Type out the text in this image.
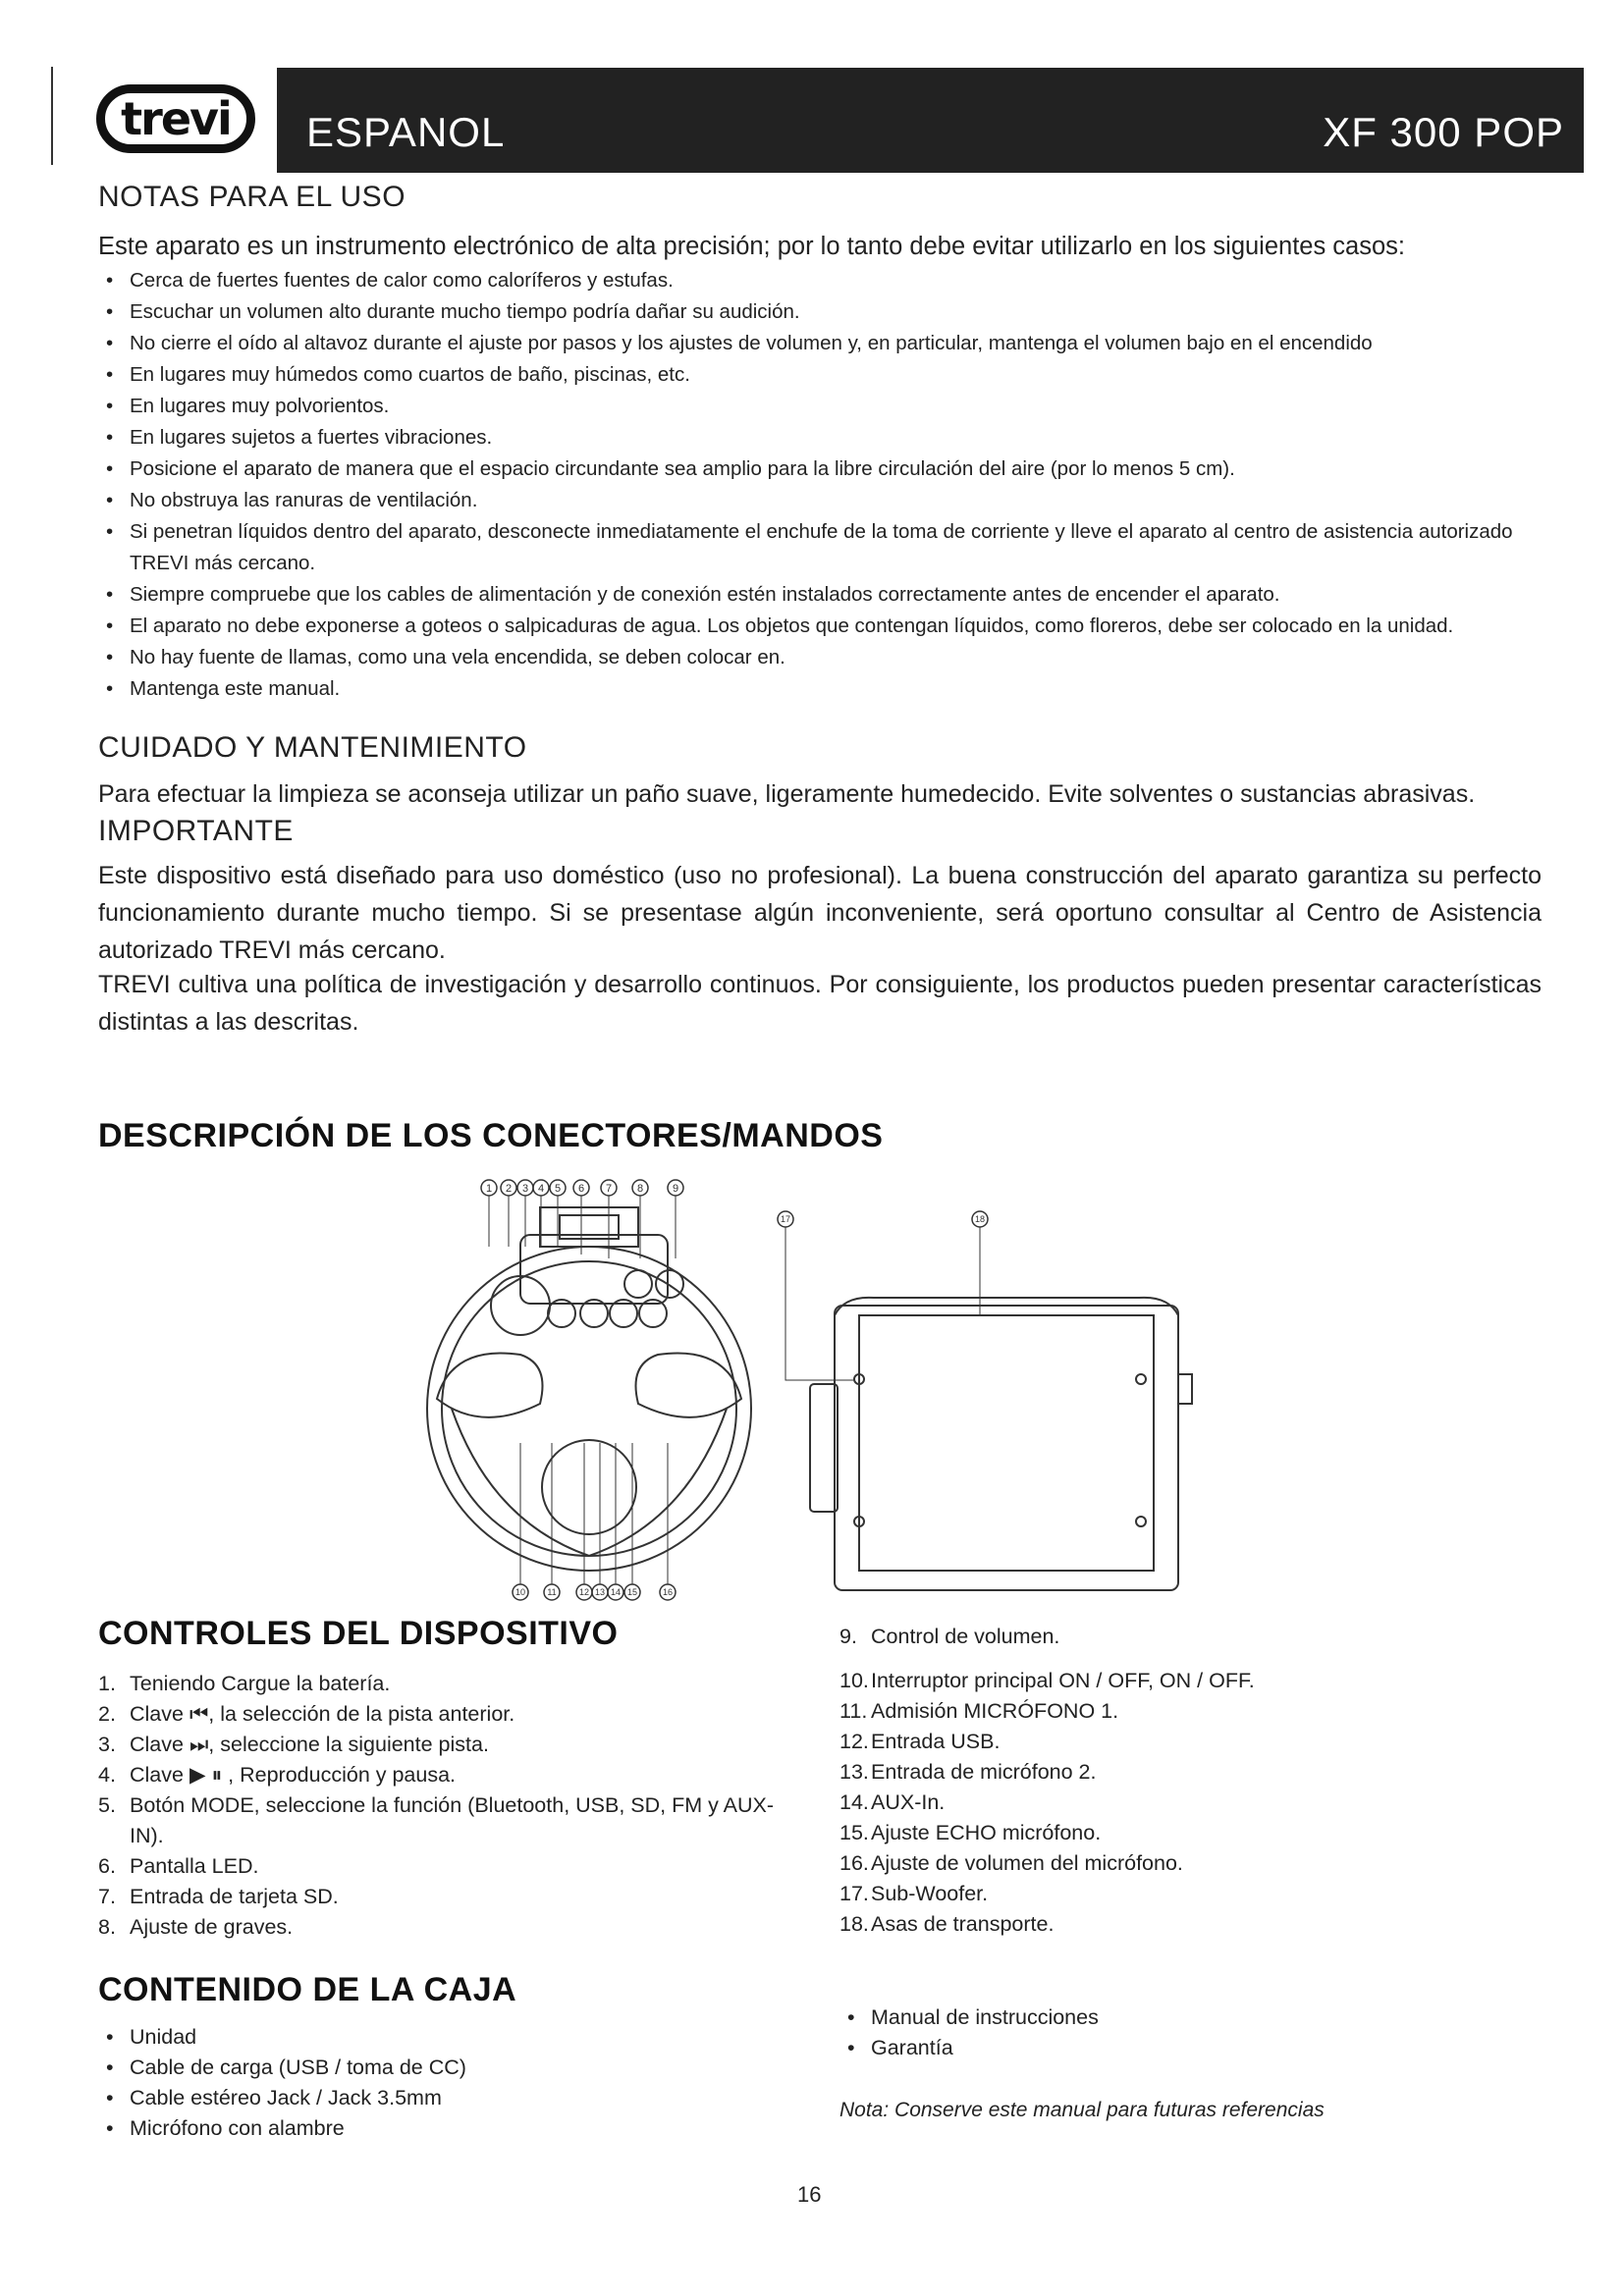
trevi ESPANOL	XF 300 POP
NOTAS PARA EL USO
Este aparato es un instrumento electrónico de alta precisión; por lo tanto debe evitar utilizarlo en los siguientes casos:
• Cerca de fuertes fuentes de calor como caloríferos y estufas.
• Escuchar un volumen alto durante mucho tiempo podría dañar su audición.
• No cierre el oído al altavoz durante el ajuste por pasos y los ajustes de volumen y, en particular, mantenga el volumen bajo en el encendido
• En lugares muy húmedos como cuartos de baño, piscinas, etc.
• En lugares muy polvorientos.
• En lugares sujetos a fuertes vibraciones.
• Posicione el aparato de manera que el espacio circundante sea amplio para la libre circulación del aire (por lo menos 5 cm).
• No obstruya las ranuras de ventilación.
• Si penetran líquidos dentro del aparato, desconecte inmediatamente el enchufe de la toma de corriente y lleve el aparato al centro de asistencia autorizado TREVI más cercano.
• Siempre compruebe que los cables de alimentación y de conexión estén instalados correctamente antes de encender el aparato.
• El aparato no debe exponerse a goteos o salpicaduras de agua. Los objetos que contengan líquidos, como floreros, debe ser colocado en la unidad.
• No hay fuente de llamas, como una vela encendida, se deben colocar en.
• Mantenga este manual.
CUIDADO Y MANTENIMIENTO
Para efectuar la limpieza se aconseja utilizar un paño suave, ligeramente humedecido. Evite solventes o sustancias abrasivas.
IMPORTANTE
Este dispositivo está diseñado para uso doméstico (uso no profesional). La buena construcción del aparato garantiza su perfecto funcionamiento durante mucho tiempo. Si se presentase algún inconveniente, será oportuno consultar al Centro de Asistencia autorizado TREVI más cercano.
TREVI cultiva una política de investigación y desarrollo continuos. Por consiguiente, los productos pueden presentar características distintas a las descritas.
DESCRIPCIÓN DE LOS CONECTORES/MANDOS
1 2 3 4 5 6 7 8	9
10 11	12 13 14 15	16
17	18
CONTROLES DEL DISPOSITIVO
1. Teniendo Cargue la batería.
2. Clave ⏮, la selección de la pista anterior.
3. Clave ⏭, seleccione la siguiente pista.
4. Clave ▶ ⏸ , Reproducción y pausa.
5. Botón MODE, seleccione la función (Bluetooth, USB, SD, FM y AUX-IN).
6. Pantalla LED.
7. Entrada de tarjeta SD.
8. Ajuste de graves.
9. Control de volumen.
10. Interruptor principal ON / OFF, ON / OFF.
11. Admisión MICRÓFONO 1.
12. Entrada USB.
13. Entrada de micrófono 2.
14. AUX-In.
15. Ajuste ECHO micrófono.
16. Ajuste de volumen del micrófono.
17. Sub-Woofer.
18. Asas de transporte.
CONTENIDO DE LA CAJA
• Unidad
• Cable de carga (USB / toma de CC)
• Cable estéreo Jack / Jack 3.5mm
• Micrófono con alambre
• Manual de instrucciones
• Garantía
Nota: Conserve este manual para futuras referencias
16
